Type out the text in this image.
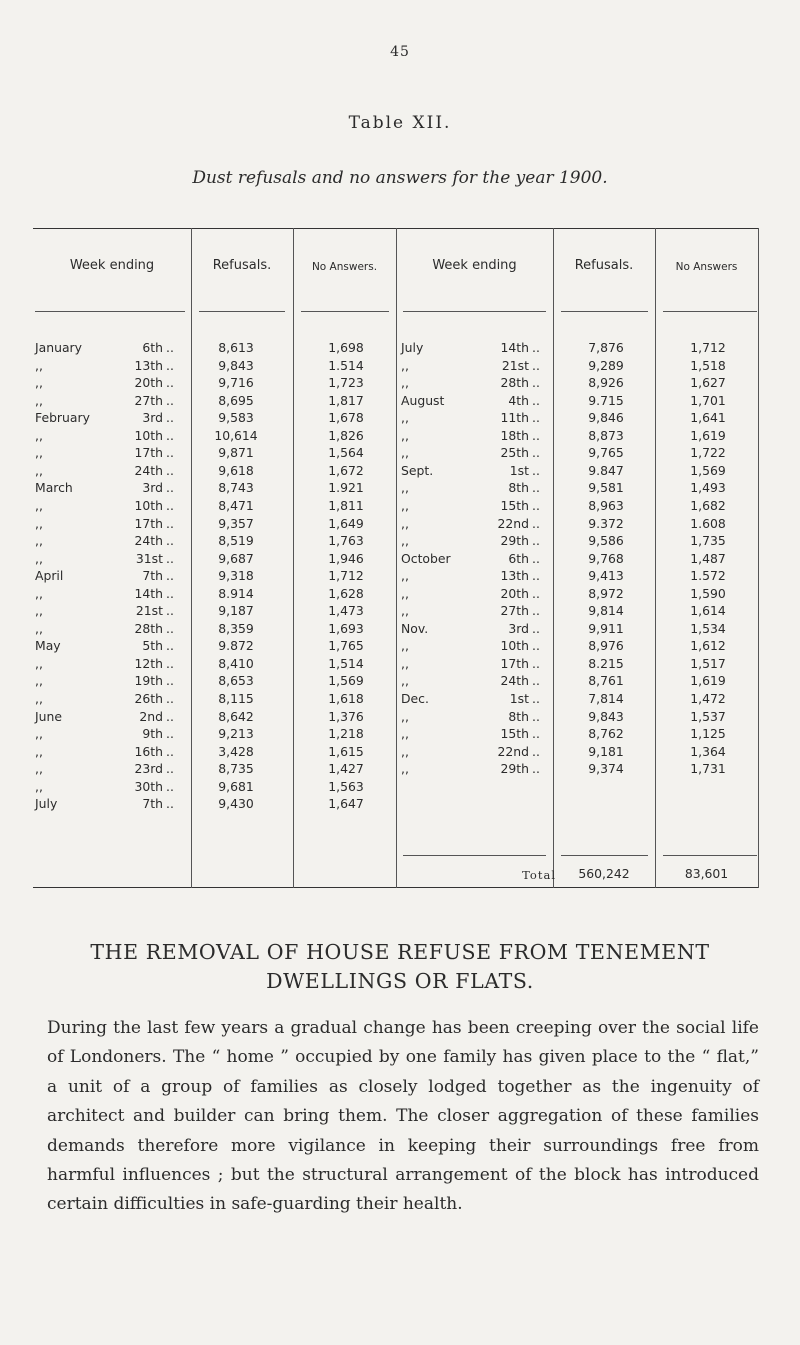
45
Table XII.
Dust refusals and no answers for the year 1900.
Week ending	Refusals.	No Answers.	Week ending	Refusals.	No Answers
January	6th ..	8,613	1,698	July	14th ..	7,876	1,712
,,	13th ..	9,843	1.514	,,	21st ..	9,289	1,518
,,	20th ..	9,716	1,723	,,	28th ..	8,926	1,627
,,	27th ..	8,695	1,817	August	4th ..	9.715	1,701
February	3rd ..	9,583	1,678	,,	11th ..	9,846	1,641
,,	10th ..	10,614	1,826	,,	18th ..	8,873	1,619
,,	17th ..	9,871	1,564	,,	25th ..	9,765	1,722
,,	24th ..	9,618	1,672	Sept.	1st ..	9.847	1,569
March	3rd ..	8,743	1.921	,,	8th ..	9,581	1,493
,,	10th ..	8,471	1,811	,,	15th ..	8,963	1,682
,,	17th ..	9,357	1,649	,,	22nd ..	9.372	1.608
,,	24th ..	8,519	1,763	,,	29th ..	9,586	1,735
,,	31st ..	9,687	1,946	October	6th ..	9,768	1,487
April	7th ..	9,318	1,712	,,	13th ..	9,413	1.572
,,	14th ..	8.914	1,628	,,	20th ..	8,972	1,590
,,	21st ..	9,187	1,473	,,	27th ..	9,814	1,614
,,	28th ..	8,359	1,693	Nov.	3rd ..	9,911	1,534
May	5th ..	9.872	1,765	,,	10th ..	8,976	1,612
,,	12th ..	8,410	1,514	,,	17th ..	8.215	1,517
,,	19th ..	8,653	1,569	,,	24th ..	8,761	1,619
,,	26th ..	8,115	1,618	Dec.	1st ..	7,814	1,472
June	2nd ..	8,642	1,376	,,	8th ..	9,843	1,537
,,	9th ..	9,213	1,218	,,	15th ..	8,762	1,125
,,	16th ..	3,428	1,615	,,	22nd ..	9,181	1,364
,,	23rd ..	8,735	1,427	,,	29th ..	9,374	1,731
,,	30th ..	9,681	1,563
July	7th ..	9,430	1,647
Total	560,242	83,601
THE REMOVAL OF HOUSE REFUSE FROM TENEMENT DWELLINGS OR FLATS.
During the last few years a gradual change has been creeping over the social life of Londoners. The “ home ” occupied by one family has given place to the “ flat,” a unit of a group of families as closely lodged together as the ingenuity of architect and builder can bring them. The closer aggregation of these families demands therefore more vigilance in keeping their surroundings free from harmful influences ; but the structural arrangement of the block has introduced certain difficulties in safe-guarding their health.
